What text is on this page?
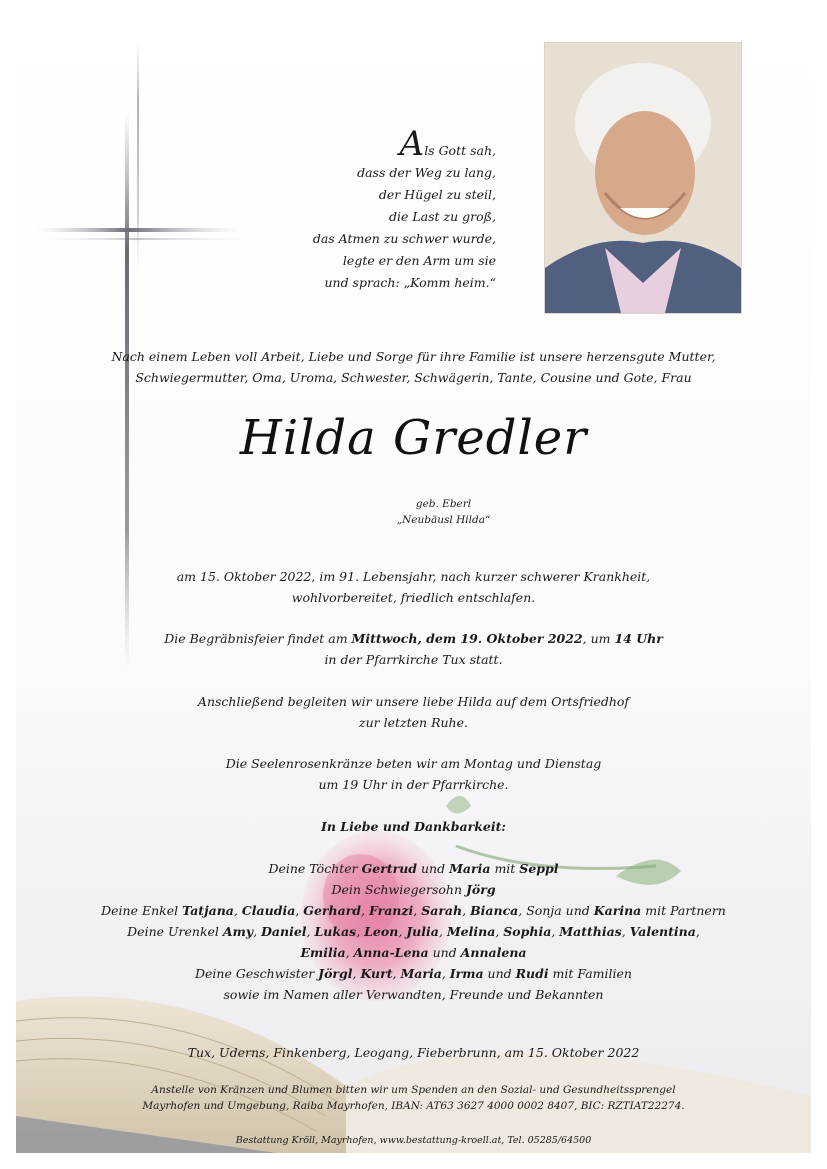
Als Gott sah,
dass der Weg zu lang,
der Hügel zu steil,
die Last zu groß,
das Atmen zu schwer wurde,
legte er den Arm um sie
und sprach: „Komm heim.“
Nach einem Leben voll Arbeit, Liebe und Sorge für ihre Familie ist unsere herzensgute Mutter,
Schwiegermutter, Oma, Uroma, Schwester, Schwägerin, Tante, Cousine und Gote, Frau
Hilda Gredler
geb. Eberl
„Neubäusl Hilda“
am 15. Oktober 2022, im 91. Lebensjahr, nach kurzer schwerer Krankheit,
wohlvorbereitet, friedlich entschlafen.
Die Begräbnisfeier findet am Mittwoch, dem 19. Oktober 2022, um 14 Uhr
in der Pfarrkirche Tux statt.
Anschließend begleiten wir unsere liebe Hilda auf dem Ortsfriedhof
zur letzten Ruhe.
Die Seelenrosenkränze beten wir am Montag und Dienstag
um 19 Uhr in der Pfarrkirche.
In Liebe und Dankbarkeit:
Deine Töchter Gertrud und Maria mit Seppl
Dein Schwiegersohn Jörg
Deine Enkel Tatjana, Claudia, Gerhard, Franzi, Sarah, Bianca, Sonja und Karina mit Partnern
Deine Urenkel Amy, Daniel, Lukas, Leon, Julia, Melina, Sophia, Matthias, Valentina,
Emilia, Anna-Lena und Annalena
Deine Geschwister Jörgl, Kurt, Maria, Irma und Rudi mit Familien
sowie im Namen aller Verwandten, Freunde und Bekannten
Tux, Uderns, Finkenberg, Leogang, Fieberbrunn, am 15. Oktober 2022
Anstelle von Kränzen und Blumen bitten wir um Spenden an den Sozial- und Gesundheitssprengel
Mayrhofen und Umgebung, Raiba Mayrhofen, IBAN: AT63 3627 4000 0002 8407, BIC: RZTIAT22274.
Bestattung Kröll, Mayrhofen, www.bestattung-kroell.at, Tel. 05285/64500
